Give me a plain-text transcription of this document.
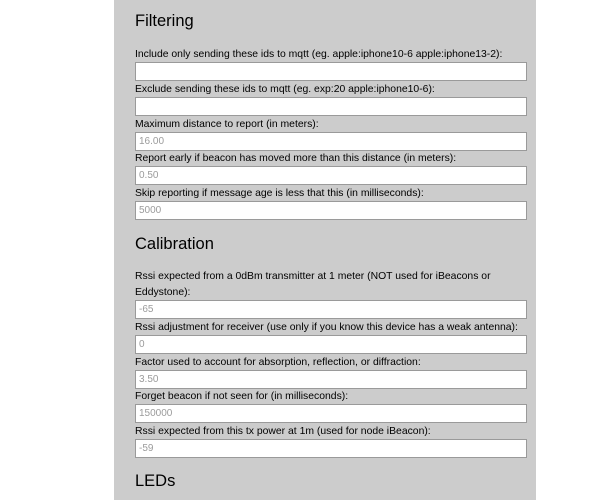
Filtering
Include only sending these ids to mqtt (eg. apple:iphone10-6 apple:iphone13-2):
Exclude sending these ids to mqtt (eg. exp:20 apple:iphone10-6):
Maximum distance to report (in meters):
16.00
Report early if beacon has moved more than this distance (in meters):
0.50
Skip reporting if message age is less that this (in milliseconds):
5000
Calibration
Rssi expected from a 0dBm transmitter at 1 meter (NOT used for iBeacons or Eddystone):
-65
Rssi adjustment for receiver (use only if you know this device has a weak antenna):
0
Factor used to account for absorption, reflection, or diffraction:
3.50
Forget beacon if not seen for (in milliseconds):
150000
Rssi expected from this tx power at 1m (used for node iBeacon):
-59
LEDs
